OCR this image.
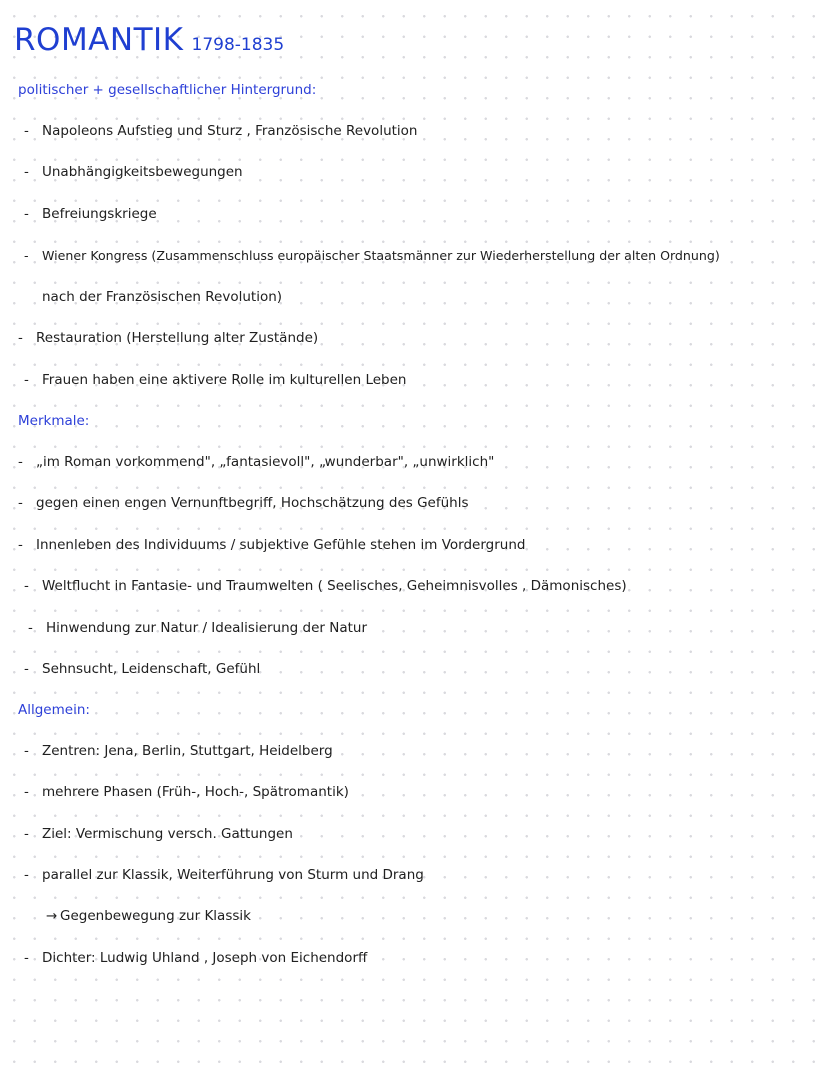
ROMANTIK 1798-1835
politischer + gesellschaftlicher Hintergrund:
- Napoleons Aufstieg und Sturz , Französische Revolution
- Unabhängigkeitsbewegungen
- Befreiungskriege
- Wiener Kongress (Zusammenschluss europäischer Staatsmänner zur Wiederherstellung der alten Ordnung)
nach der Französischen Revolution)
- Restauration (Herstellung alter Zustände)
- Frauen haben eine aktivere Rolle im kulturellen Leben
Merkmale:
- „im Roman vorkommend", „fantasievoll", „wunderbar", „unwirklich"
- gegen einen engen Vernunftbegriff, Hochschätzung des Gefühls
- Innenleben des Individuums / subjektive Gefühle stehen im Vordergrund
- Weltflucht in Fantasie- und Traumwelten ( Seelisches, Geheimnisvolles , Dämonisches)
- Hinwendung zur Natur / Idealisierung der Natur
- Sehnsucht, Leidenschaft, Gefühl
Allgemein:
- Zentren: Jena, Berlin, Stuttgart, Heidelberg
- mehrere Phasen (Früh-, Hoch-, Spätromantik)
- Ziel: Vermischung versch. Gattungen
- parallel zur Klassik, Weiterführung von Sturm und Drang
→ Gegenbewegung zur Klassik
- Dichter: Ludwig Uhland , Joseph von Eichendorff
